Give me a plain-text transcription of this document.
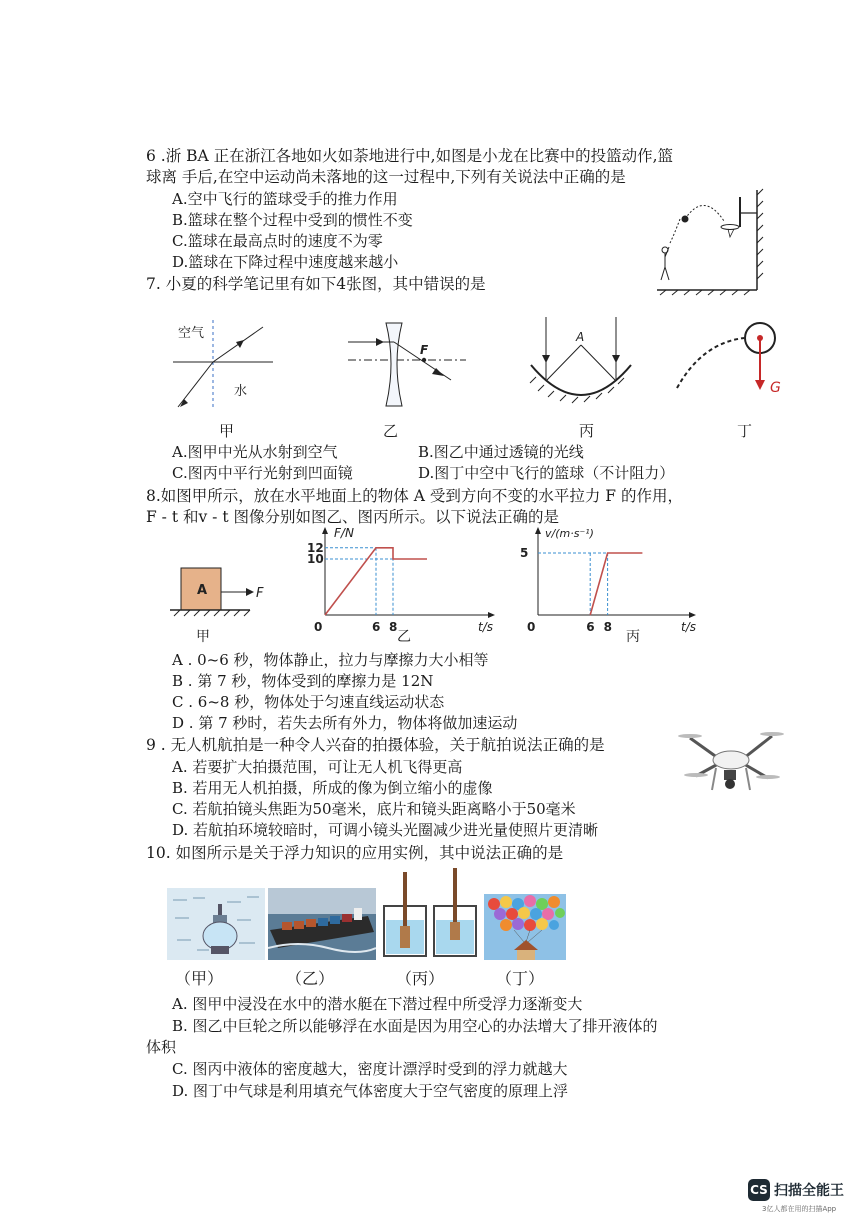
6 .浙 BA 正在浙江各地如火如荼地进行中,如图是小龙在比赛中的投篮动作,篮
球离 手后,在空中运动尚未落地的这一过程中,下列有关说法中正确的是
A.空中飞行的篮球受手的推力作用
B.篮球在整个过程中受到的惯性不变
C.篮球在最高点时的速度不为零
D.篮球在下降过程中速度越来越小
7. 小夏的科学笔记里有如下4张图，其中错误的是
空气
水
F
A
G
甲	乙	丙	丁
A.图甲中光从水射到空气	B.图乙中通过透镜的光线
C.图丙中平行光射到凹面镜	D.图丁中空中飞行的篮球（不计阻力）
8.如图甲所示，放在水平地面上的物体 A 受到方向不变的水平拉力 F 的作用，
F - t 和v - t 图像分别如图乙、图丙所示。以下说法正确的是
A	F
甲
F/N
t/s
0
10
12
6 8
乙
v/(m·s⁻¹)
t/s
0
5
6 8
丙
A . 0~6 秒，物体静止，拉力与摩擦力大小相等
B . 第 7 秒，物体受到的摩擦力是 12N
C . 6~8 秒，物体处于匀速直线运动状态
D . 第 7 秒时，若失去所有外力，物体将做加速运动
9 . 无人机航拍是一种令人兴奋的拍摄体验，关于航拍说法正确的是
A. 若要扩大拍摄范围，可让无人机飞得更高
B. 若用无人机拍摄，所成的像为倒立缩小的虚像
C. 若航拍镜头焦距为50毫米，底片和镜头距离略小于50毫米
D. 若航拍环境较暗时，可调小镜头光圈减少进光量使照片更清晰
10. 如图所示是关于浮力知识的应用实例，其中说法正确的是
（甲）	（乙）	（丙）	（丁）
A. 图甲中浸没在水中的潜水艇在下潜过程中所受浮力逐渐变大
B. 图乙中巨轮之所以能够浮在水面是因为用空心的办法增大了排开液体的
体积
C. 图丙中液体的密度越大，密度计漂浮时受到的浮力就越大
D. 图丁中气球是利用填充气体密度大于空气密度的原理上浮
CS 扫描全能王
3亿人都在用的扫描App
